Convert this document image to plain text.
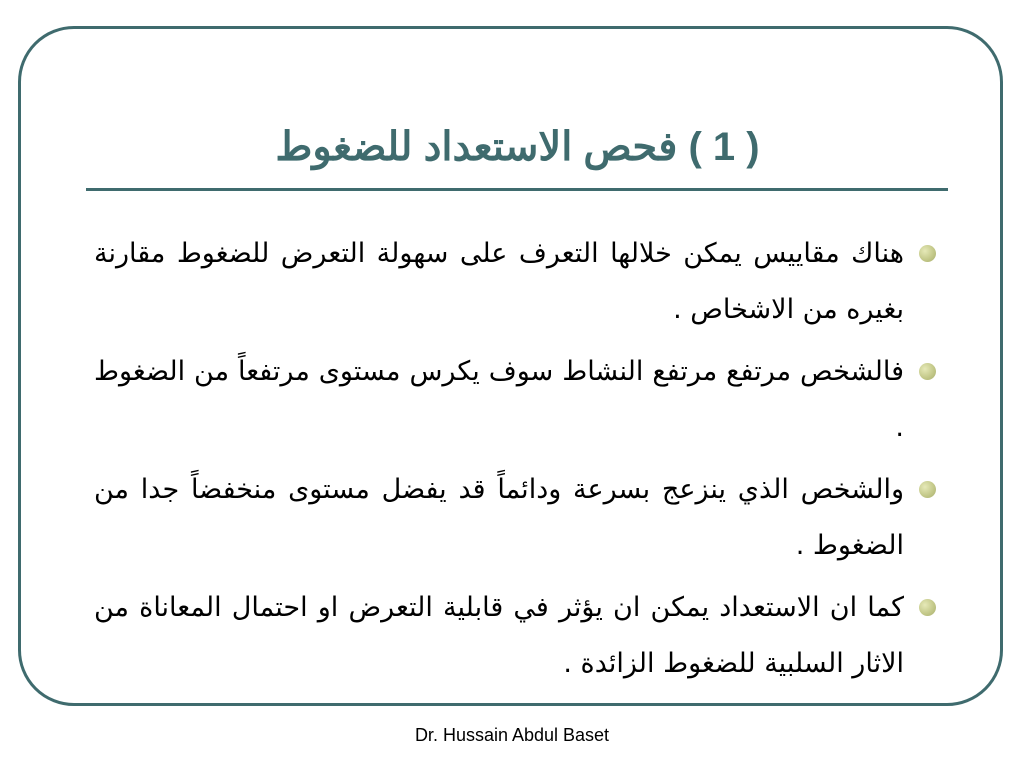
( 1 ) فحص الاستعداد للضغوط
هناك مقاييس يمكن خلالها التعرف على سهولة التعرض للضغوط مقارنة بغيره من الاشخاص .
فالشخص مرتفع مرتفع النشاط سوف يكرس مستوى مرتفعاً من الضغوط .
والشخص الذي ينزعج بسرعة ودائماً قد يفضل مستوى منخفضاً جدا من الضغوط .
كما ان الاستعداد يمكن ان يؤثر في قابلية التعرض او احتمال المعاناة من الاثار السلبية للضغوط الزائدة .
Dr. Hussain Abdul Baset
